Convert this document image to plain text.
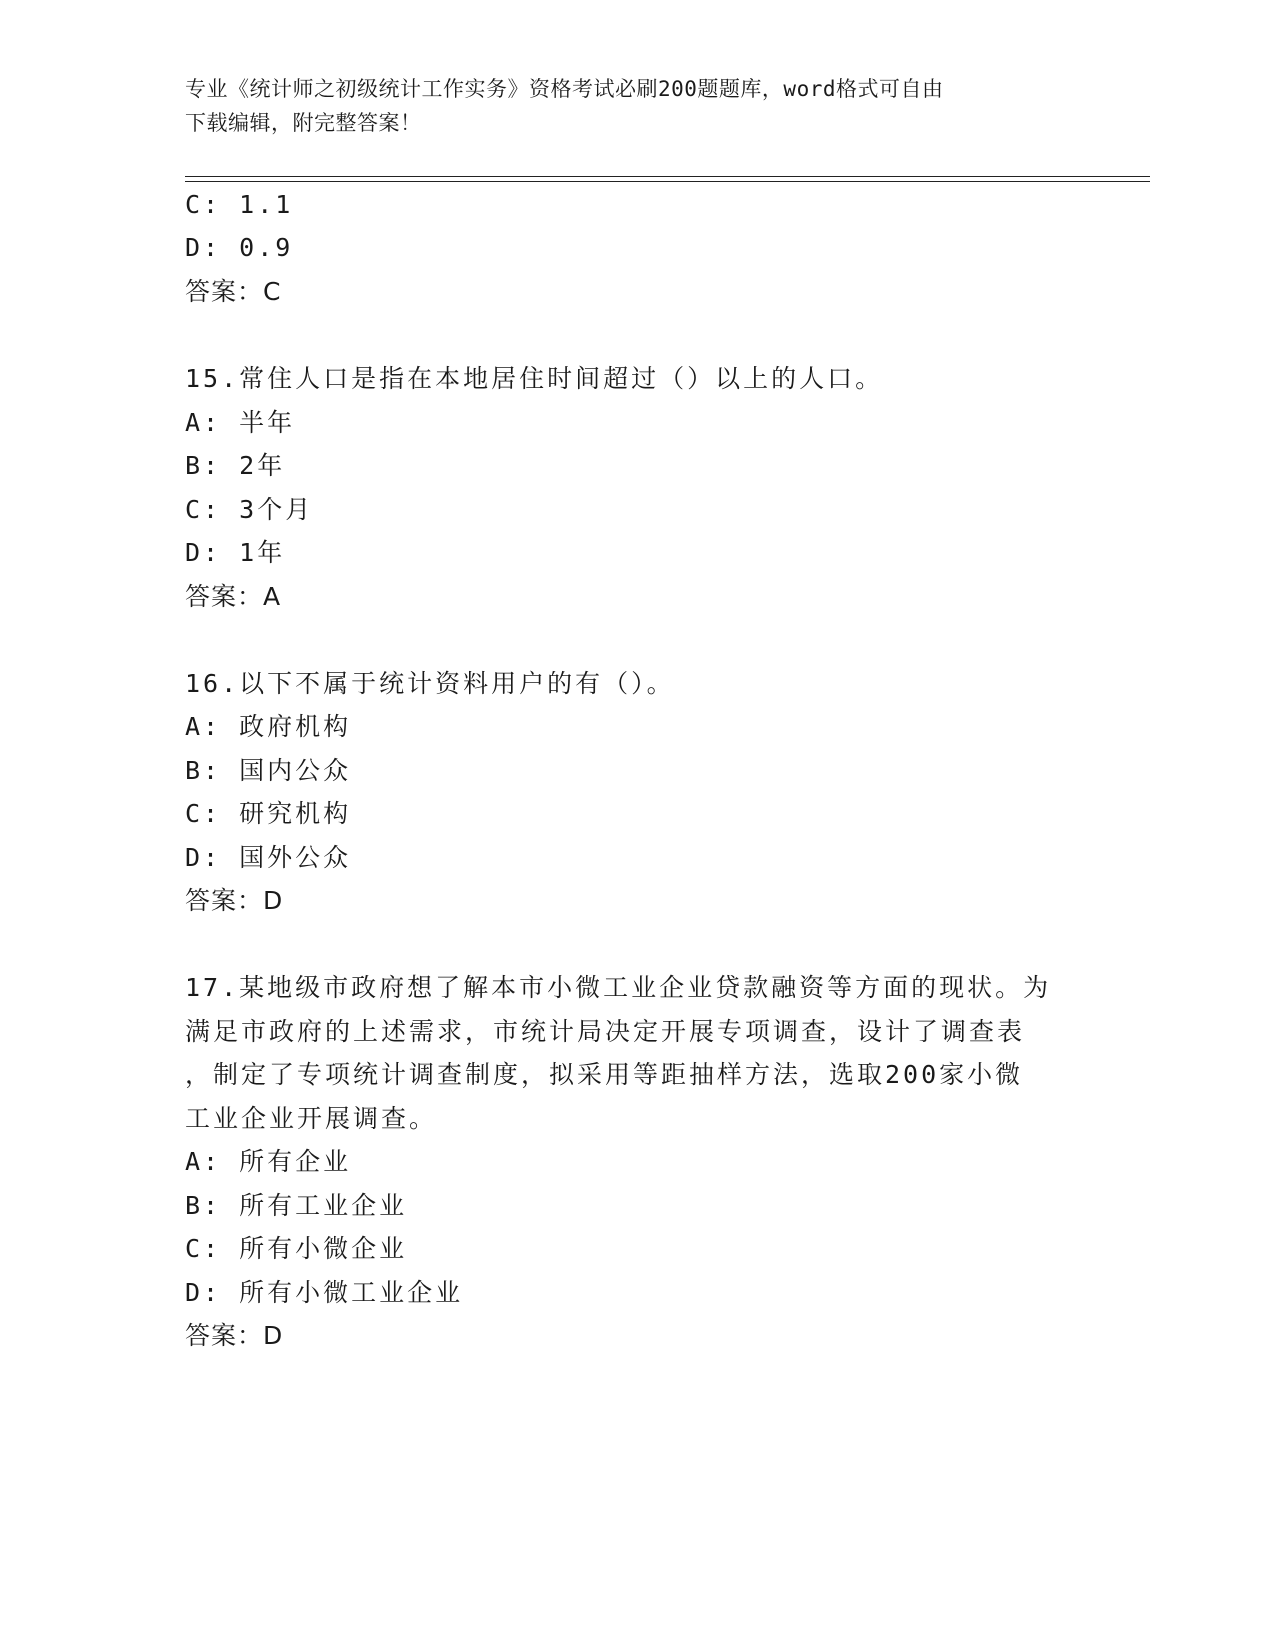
专业《统计师之初级统计工作实务》资格考试必刷200题题库，word格式可自由
下载编辑，附完整答案！
C: 1.1
D: 0.9
答案：C
15.常住人口是指在本地居住时间超过（）以上的人口。
A: 半年
B: 2年
C: 3个月
D: 1年
答案：A
16.以下不属于统计资料用户的有（）。
A: 政府机构
B: 国内公众
C: 研究机构
D: 国外公众
答案：D
17.某地级市政府想了解本市小微工业企业贷款融资等方面的现状。为
满足市政府的上述需求，市统计局决定开展专项调查，设计了调查表
，制定了专项统计调查制度，拟采用等距抽样方法，选取200家小微
工业企业开展调查。
A: 所有企业
B: 所有工业企业
C: 所有小微企业
D: 所有小微工业企业
答案：D
